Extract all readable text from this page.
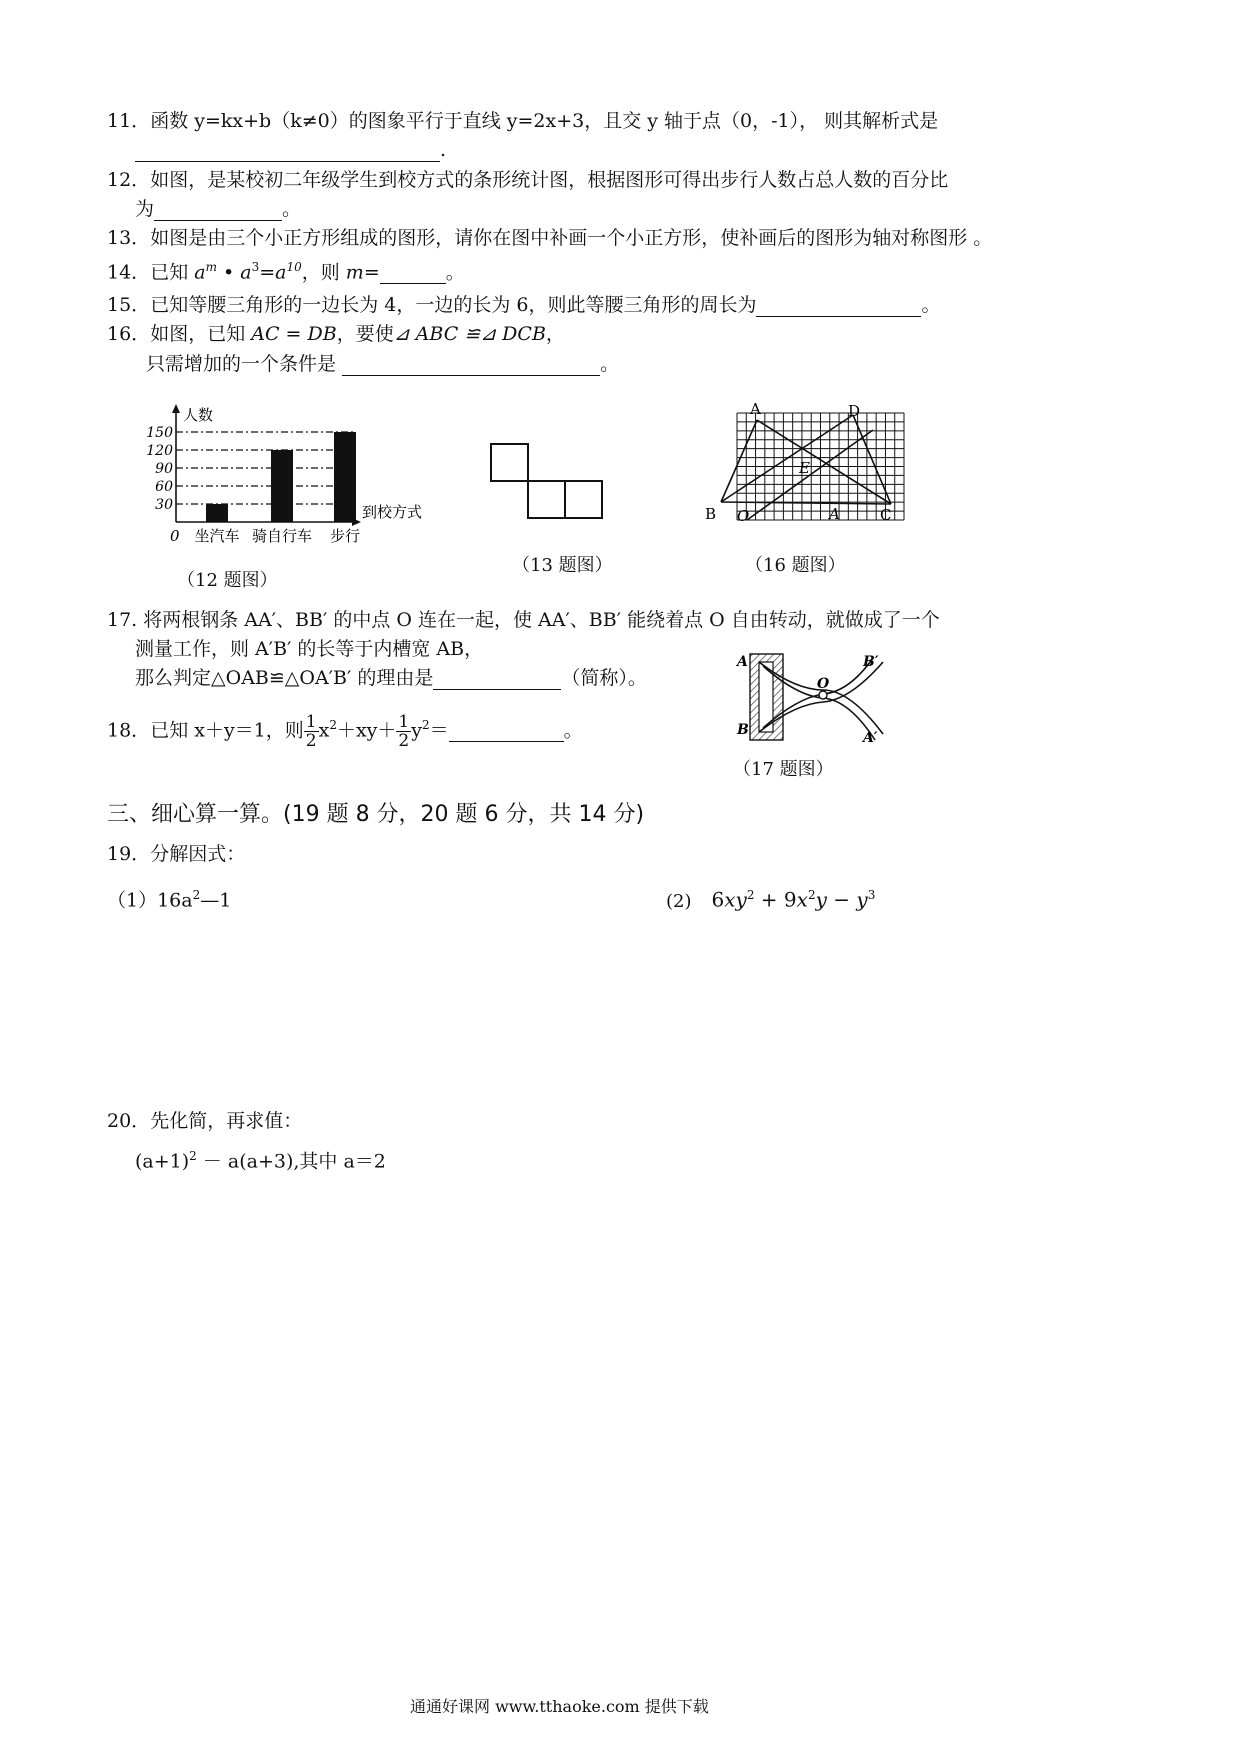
11．函数 y=kx+b（k≠0）的图象平行于直线 y=2x+3，且交 y 轴于点（0，-1）， 则其解析式是
.
12．如图，是某校初二年级学生到校方式的条形统计图，根据图形可得出步行人数占总人数的百分比
为	。
13．如图是由三个小正方形组成的图形，请你在图中补画一个小正方形，使补画后的图形为轴对称图形 。
14．已知 $a^m$ • $a^3=a^{10}$，则 m=	。
15．已知等腰三角形的一边长为 4，一边的长为 6，则此等腰三角形的周长为	。
16．如图，已知 AC = DB，要使⊿ ABC ≌⊿ DCB，
只需增加的一个条件是	。
人数
到校方式
0
30
60
90
120
150
坐汽车 骑自行车 步行
（12 题图）
（13 题图）
A	D
B	C
O
E
A
（16 题图）
17. 将两根钢条 AA′、BB′ 的中点 O 连在一起，使 AA′、BB′ 能绕着点 O 自由转动，就做成了一个
测量工作，则 A′B′ 的长等于内槽宽 AB，
那么判定△OAB≌△OA′B′ 的理由是	（简称）。
A
B
O
B′
A′
（17 题图）
18．已知 x＋y＝1，则 $\frac{1}{2} x^2+xy+ \frac{1}{2} y^2=$	。
三、细心算一算。(19 题 8 分，20 题 6 分，共 14 分)
19．分解因式：
$(1)16a^2—1$	(2) $6xy^2 + 9x^2y - y^3$
20．先化简，再求值：
$(a+1)^2 - a(a+3)$,其中 a＝2
通通好课网 www.tthaoke.com 提供下载
